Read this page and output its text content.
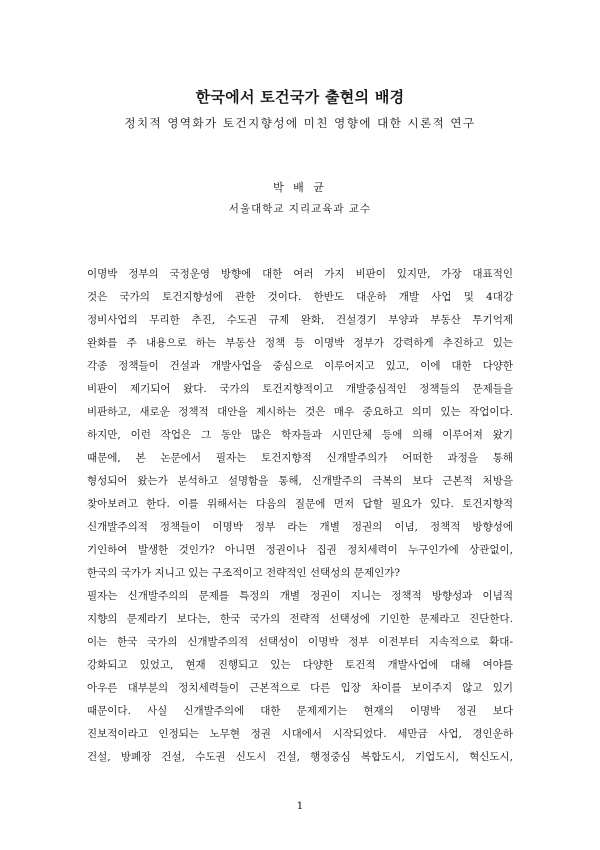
한국에서 토건국가 출현의 배경
정치적 영역화가 토건지향성에 미친 영향에 대한 시론적 연구
박 배 균
서울대학교 지리교육과 교수
이명박 정부의 국정운영 방향에 대한 여러 가지 비판이 있지만, 가장 대표적인
것은 국가의 토건지향성에 관한 것이다. 한반도 대운하 개발 사업 및 4대강
정비사업의 무리한 추진, 수도권 규제 완화, 건설경기 부양과 부동산 투기억제
완화를 주 내용으로 하는 부동산 정책 등 이명박 정부가 강력하게 추진하고 있는
각종 정책들이 건설과 개발사업을 중심으로 이루어지고 있고, 이에 대한 다양한
비판이 제기되어 왔다. 국가의 토건지향적이고 개발중심적인 정책들의 문제들을
비판하고, 새로운 정책적 대안을 제시하는 것은 매우 중요하고 의미 있는 작업이다.
하지만, 이런 작업은 그 동안 많은 학자들과 시민단체 등에 의해 이루어져 왔기
때문에, 본 논문에서 필자는 토건지향적 신개발주의가 어떠한 과정을 통해
형성되어 왔는가 분석하고 설명함을 통해, 신개발주의 극복의 보다 근본적 처방을
찾아보려고 한다. 이를 위해서는 다음의 질문에 먼저 답할 필요가 있다. 토건지향적
신개발주의적 정책들이 이명박 정부 라는 개별 정권의 이념, 정책적 방향성에
기인하여 발생한 것인가? 아니면 정권이나 집권 정치세력이 누구인가에 상관없이,
한국의 국가가 지니고 있는 구조적이고 전략적인 선택성의 문제인가?
필자는 신개발주의의 문제를 특정의 개별 정권이 지니는 정책적 방향성과 이념적
지향의 문제라기 보다는, 한국 국가의 전략적 선택성에 기인한 문제라고 진단한다.
이는 한국 국가의 신개발주의적 선택성이 이명박 정부 이전부터 지속적으로 확대-
강화되고 있었고, 현재 진행되고 있는 다양한 토건적 개발사업에 대해 여야를
아우른 대부분의 정치세력들이 근본적으로 다른 입장 차이를 보이주지 않고 있기
때문이다. 사실 신개발주의에 대한 문제제기는 현재의 이명박 정권 보다
진보적이라고 인정되는 노무현 정권 시대에서 시작되었다. 세만금 사업, 경인운하
건설, 방폐장 건설, 수도권 신도시 건설, 행정중심 복합도시, 기업도시, 혁신도시,
1
